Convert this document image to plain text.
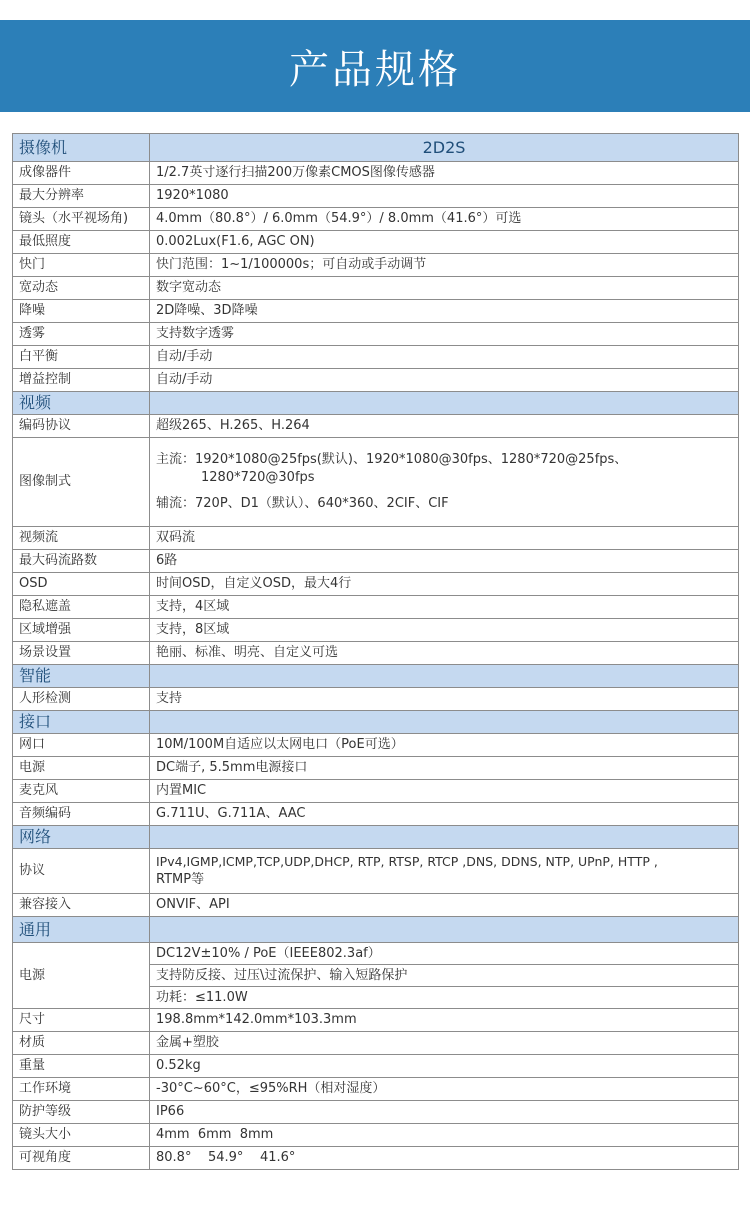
产品规格
摄像机	2D2S
成像器件	1/2.7英寸逐行扫描200万像素CMOS图像传感器
最大分辨率	1920*1080
镜头（水平视场角)	4.0mm（80.8°）/ 6.0mm（54.9°）/ 8.0mm（41.6°）可选
最低照度	0.002Lux(F1.6, AGC ON)
快门	快门范围：1~1/100000s；可自动或手动调节
宽动态	数字宽动态
降噪	2D降噪、3D降噪
透雾	支持数字透雾
白平衡	自动/手动
增益控制	自动/手动
视频	
编码协议	超级265、H.265、H.264
图像制式	主流：1920*1080@25fps(默认)、1920*1080@30fps、1280*720@25fps、
1280*720@30fps
辅流：720P、D1（默认）、640*360、2CIF、CIF

视频流	双码流
最大码流路数	6路
OSD	时间OSD，自定义OSD，最大4行
隐私遮盖	支持，4区域
区域增强	支持，8区域
场景设置	艳丽、标准、明亮、自定义可选
智能	
人形检测	支持
接口	
网口	10M/100M自适应以太网电口（PoE可选）
电源	DC端子, 5.5mm电源接口
麦克风	内置MIC
音频编码	G.711U、G.711A、AAC
网络	
协议	IPv4,IGMP,ICMP,TCP,UDP,DHCP, RTP, RTSP, RTCP ,DNS, DDNS, NTP, UPnP, HTTP ,
RTMP等

兼容接入	ONVIF、API
通用	
电源	DC12V±10% / PoE（IEEE802.3af）
支持防反接、过压\过流保护、输入短路保护
功耗：≤11.0W

尺寸	198.8mm*142.0mm*103.3mm
材质	金属+塑胶
重量	0.52kg
工作环境	-30°C~60°C，≤95%RH（相对湿度）
防护等级	IP66
镜头大小	4mm  6mm  8mm
可视角度	80.8°    54.9°    41.6°
